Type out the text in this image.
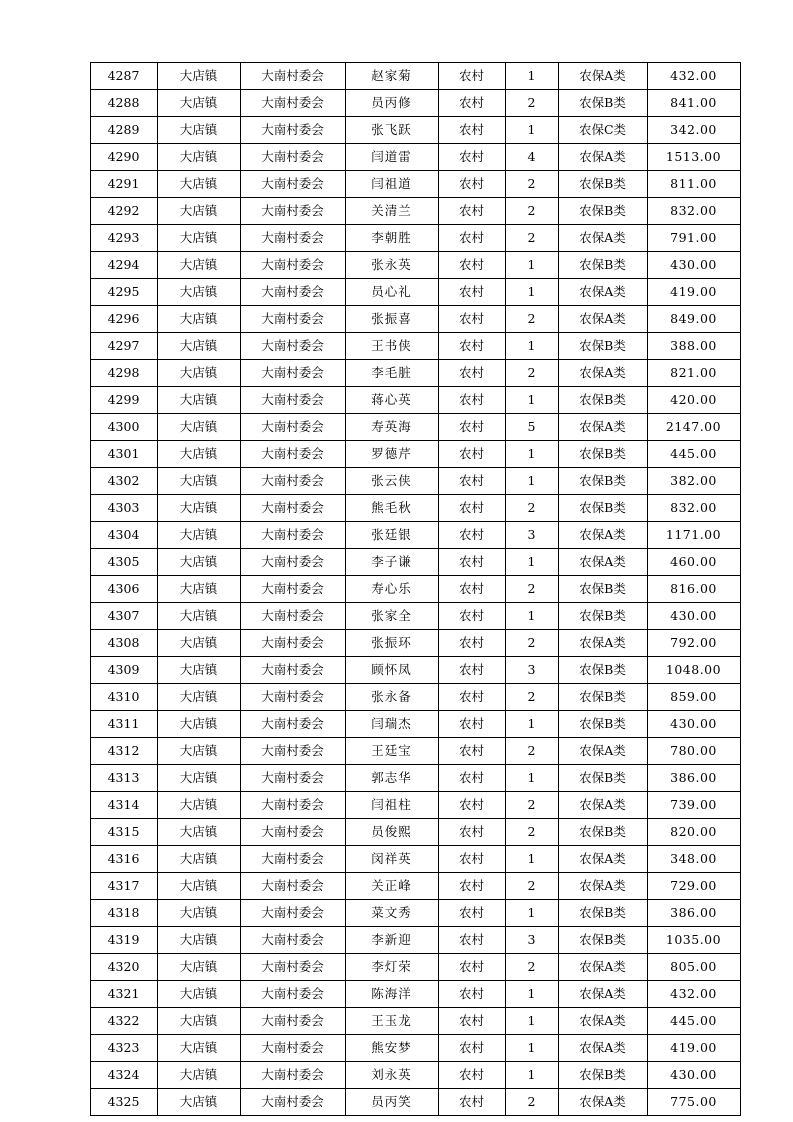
4287	大店镇	大南村委会	赵家菊	农村	1	农保A类	432.00
4288	大店镇	大南村委会	员丙修	农村	2	农保B类	841.00
4289	大店镇	大南村委会	张飞跃	农村	1	农保C类	342.00
4290	大店镇	大南村委会	闫道雷	农村	4	农保A类	1513.00
4291	大店镇	大南村委会	闫祖道	农村	2	农保B类	811.00
4292	大店镇	大南村委会	关清兰	农村	2	农保B类	832.00
4293	大店镇	大南村委会	李朝胜	农村	2	农保A类	791.00
4294	大店镇	大南村委会	张永英	农村	1	农保B类	430.00
4295	大店镇	大南村委会	员心礼	农村	1	农保A类	419.00
4296	大店镇	大南村委会	张振喜	农村	2	农保A类	849.00
4297	大店镇	大南村委会	王书侠	农村	1	农保B类	388.00
4298	大店镇	大南村委会	李毛脏	农村	2	农保A类	821.00
4299	大店镇	大南村委会	蒋心英	农村	1	农保B类	420.00
4300	大店镇	大南村委会	寿英海	农村	5	农保A类	2147.00
4301	大店镇	大南村委会	罗德芹	农村	1	农保B类	445.00
4302	大店镇	大南村委会	张云侠	农村	1	农保B类	382.00
4303	大店镇	大南村委会	熊毛秋	农村	2	农保B类	832.00
4304	大店镇	大南村委会	张廷银	农村	3	农保A类	1171.00
4305	大店镇	大南村委会	李子谦	农村	1	农保A类	460.00
4306	大店镇	大南村委会	寿心乐	农村	2	农保B类	816.00
4307	大店镇	大南村委会	张家全	农村	1	农保B类	430.00
4308	大店镇	大南村委会	张振环	农村	2	农保A类	792.00
4309	大店镇	大南村委会	顾怀凤	农村	3	农保B类	1048.00
4310	大店镇	大南村委会	张永备	农村	2	农保B类	859.00
4311	大店镇	大南村委会	闫瑞杰	农村	1	农保B类	430.00
4312	大店镇	大南村委会	王廷宝	农村	2	农保A类	780.00
4313	大店镇	大南村委会	郭志华	农村	1	农保B类	386.00
4314	大店镇	大南村委会	闫祖柱	农村	2	农保A类	739.00
4315	大店镇	大南村委会	员俊熙	农村	2	农保B类	820.00
4316	大店镇	大南村委会	闵祥英	农村	1	农保A类	348.00
4317	大店镇	大南村委会	关正峰	农村	2	农保A类	729.00
4318	大店镇	大南村委会	菜文秀	农村	1	农保B类	386.00
4319	大店镇	大南村委会	李新迎	农村	3	农保B类	1035.00
4320	大店镇	大南村委会	李灯荣	农村	2	农保A类	805.00
4321	大店镇	大南村委会	陈海洋	农村	1	农保A类	432.00
4322	大店镇	大南村委会	王玉龙	农村	1	农保A类	445.00
4323	大店镇	大南村委会	熊安梦	农村	1	农保A类	419.00
4324	大店镇	大南村委会	刘永英	农村	1	农保B类	430.00
4325	大店镇	大南村委会	员丙笑	农村	2	农保A类	775.00
